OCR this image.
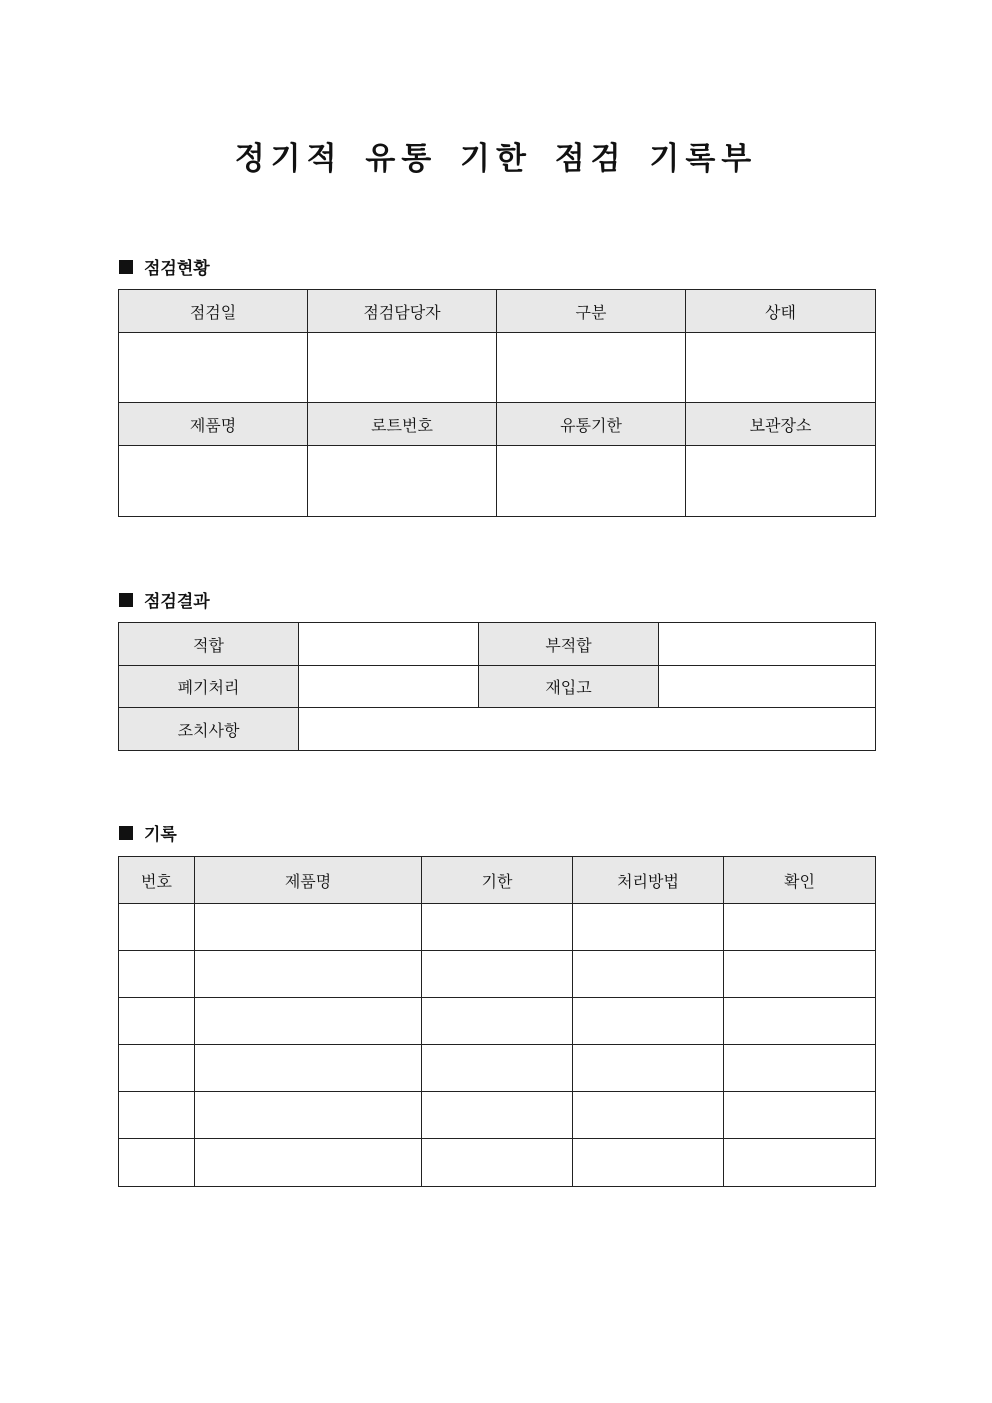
정기적 유통 기한 점검 기록부
점검현황
점검일	점검담당자	구분	상태

제품명	로트번호	유통기한	보관장소

점검결과
적합		부적합	
폐기처리		재입고	
조치사항			
기록
번호	제품명	기한	처리방법	확인
